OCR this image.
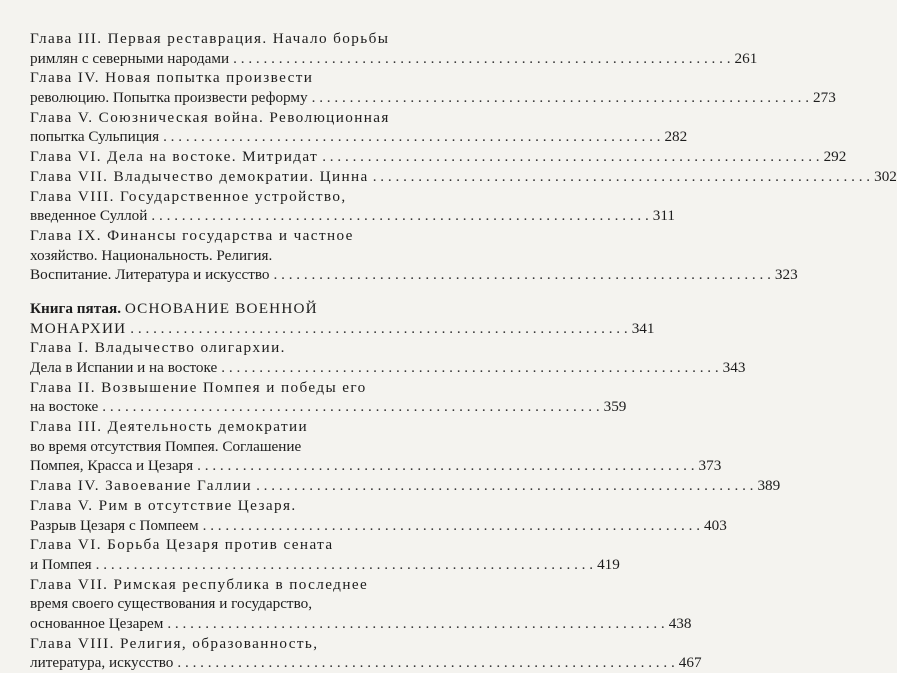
Глава III. Первая реставрация. Начало борьбы
римлян с северными народами . . .	261
Глава IV. Новая попытка произвести
революцию. Попытка произвести реформу . . .	273
Глава V. Союзническая война. Революционная
попытка Сульпиция . . .	282
Глава VI. Дела на востоке. Митридат . . .	292
Глава VII. Владычество демократии. Цинна . . .	302
Глава VIII. Государственное устройство,
введенное Суллой . . .	311
Глава IX. Финансы государства и частное
хозяйство. Национальность. Религия.
Воспитание. Литература и искусство . . .	323
Книга пятая. ОСНОВАНИЕ ВОЕННОЙ
МОНАРХИИ . . .	341
Глава I. Владычество олигархии.
Дела в Испании и на востоке . . .	343
Глава II. Возвышение Помпея и победы его
на востоке . . .	359
Глава III. Деятельность демократии
во время отсутствия Помпея. Соглашение
Помпея, Красса и Цезаря . . .	373
Глава IV. Завоевание Галлии . . .	389
Глава V. Рим в отсутствие Цезаря.
Разрыв Цезаря с Помпеем . . .	403
Глава VI. Борьба Цезаря против сената
и Помпея . . .	419
Глава VII. Римская республика в последнее
время своего существования и государство,
основанное Цезарем . . .	438
Глава VIII. Религия, образованность,
литература, искусство . . .	467
